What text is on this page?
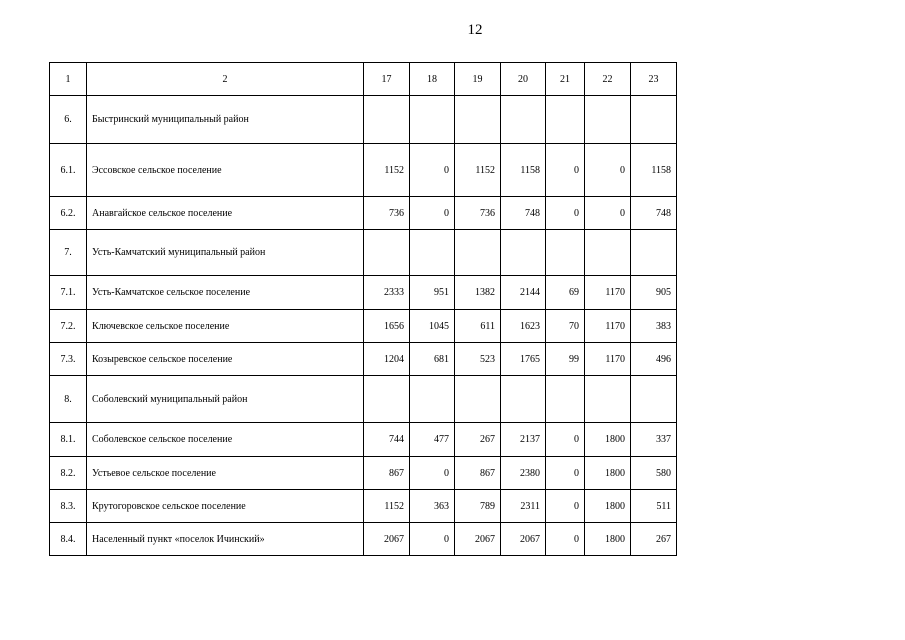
12
1	2	17	18	19	20	21	22	23
6.	Быстринский муниципальный район							
6.1.	Эссовское сельское поселение	1152	0	1152	1158	0	0	1158
6.2.	Анавгайское сельское поселение	736	0	736	748	0	0	748
7.	Усть-Камчатский муниципальный район							
7.1.	Усть-Камчатское сельское поселение	2333	951	1382	2144	69	1170	905
7.2.	Ключевское сельское поселение	1656	1045	611	1623	70	1170	383
7.3.	Козыревское сельское поселение	1204	681	523	1765	99	1170	496
8.	Соболевский муниципальный район							
8.1.	Соболевское сельское поселение	744	477	267	2137	0	1800	337
8.2.	Устьевое сельское поселение	867	0	867	2380	0	1800	580
8.3.	Крутогоровское сельское поселение	1152	363	789	2311	0	1800	511
8.4.	Населенный пункт «поселок Ичинский»	2067	0	2067	2067	0	1800	267
